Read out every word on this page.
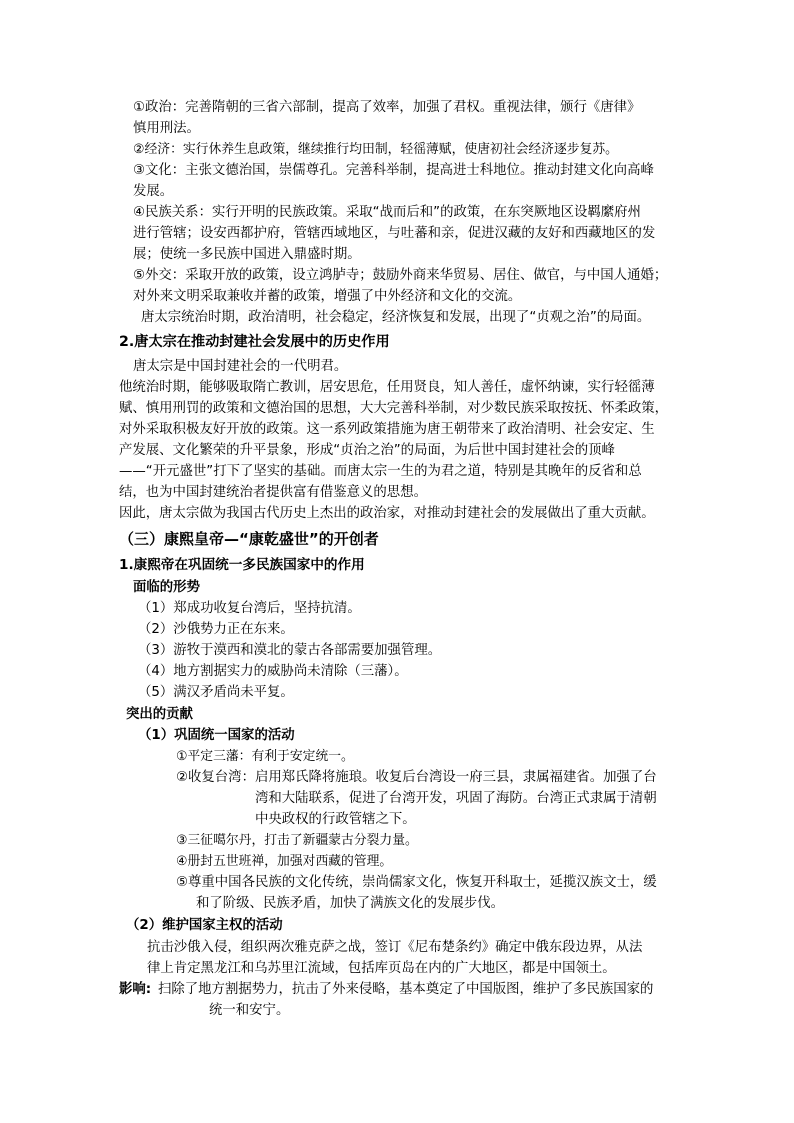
①政治：完善隋朝的三省六部制，提高了效率，加强了君权。重视法律，颁行《唐律》
慎用刑法。
②经济：实行休养生息政策，继续推行均田制，轻徭薄赋，使唐初社会经济逐步复苏。
③文化：主张文德治国，崇儒尊孔。完善科举制，提高进士科地位。推动封建文化向高峰
发展。
④民族关系：实行开明的民族政策。采取“战而后和”的政策，在东突厥地区设羁縻府州
进行管辖；设安西都护府，管辖西域地区，与吐蕃和亲，促进汉藏的友好和西藏地区的发
展；使统一多民族中国进入鼎盛时期。
⑤外交：采取开放的政策，设立鸿胪寺；鼓励外商来华贸易、居住、做官，与中国人通婚；
对外来文明采取兼收并蓄的政策，增强了中外经济和文化的交流。
唐太宗统治时期，政治清明，社会稳定，经济恢复和发展，出现了“贞观之治”的局面。
2.唐太宗在推动封建社会发展中的历史作用
唐太宗是中国封建社会的一代明君。
他统治时期，能够吸取隋亡教训，居安思危，任用贤良，知人善任，虚怀纳谏，实行轻徭薄
赋、慎用刑罚的政策和文德治国的思想，大大完善科举制，对少数民族采取按抚、怀柔政策，
对外采取积极友好开放的政策。这一系列政策措施为唐王朝带来了政治清明、社会安定、生
产发展、文化繁荣的升平景象，形成“贞治之治”的局面，为后世中国封建社会的顶峰
——“开元盛世”打下了坚实的基础。而唐太宗一生的为君之道，特别是其晚年的反省和总
结，也为中国封建统治者提供富有借鉴意义的思想。
因此，唐太宗做为我国古代历史上杰出的政治家，对推动封建社会的发展做出了重大贡献。
（三）康熙皇帝—“康乾盛世”的开创者
1.康熙帝在巩固统一多民族国家中的作用
面临的形势
（1）郑成功收复台湾后，坚持抗清。
（2）沙俄势力正在东来。
（3）游牧于漠西和漠北的蒙古各部需要加强管理。
（4）地方割据实力的威胁尚未清除（三藩）。
（5）满汉矛盾尚未平复。
突出的贡献
（1）巩固统一国家的活动
①平定三藩：有利于安定统一。
②收复台湾：启用郑氏降将施琅。收复后台湾设一府三县，隶属福建省。加强了台
湾和大陆联系，促进了台湾开发，巩固了海防。台湾正式隶属于清朝
中央政权的行政管辖之下。
③三征噶尔丹，打击了新疆蒙古分裂力量。
④册封五世班禅，加强对西藏的管理。
⑤尊重中国各民族的文化传统，崇尚儒家文化，恢复开科取士，延揽汉族文士，缓
和了阶级、民族矛盾，加快了满族文化的发展步伐。
（2）维护国家主权的活动
抗击沙俄入侵，组织两次雅克萨之战，签订《尼布楚条约》确定中俄东段边界，从法
律上肯定黑龙江和乌苏里江流域，包括库页岛在内的广大地区，都是中国领土。
影响: 扫除了地方割据势力，抗击了外来侵略，基本奠定了中国版图，维护了多民族国家的
统一和安宁。
